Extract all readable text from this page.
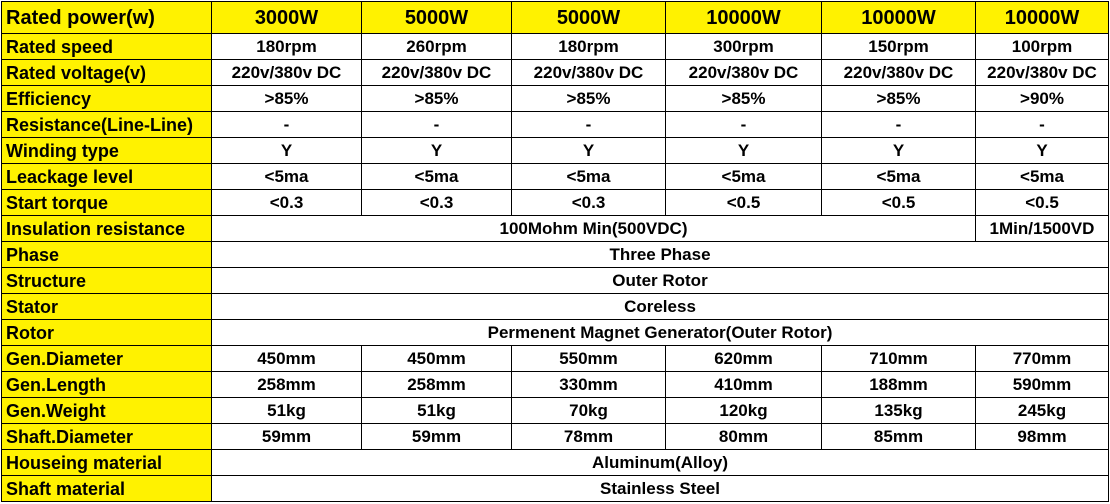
Rated power(w)	3000W	5000W	5000W	10000W	10000W	10000W
Rated speed	180rpm	260rpm	180rpm	300rpm	150rpm	100rpm
Rated voltage(v)	220v/380v DC	220v/380v DC	220v/380v DC	220v/380v DC	220v/380v DC	220v/380v DC
Efficiency	>85%	>85%	>85%	>85%	>85%	>90%
Resistance(Line-Line)	-	-	-	-	-	-
Winding type	Y	Y	Y	Y	Y	Y
Leackage level	<5ma	<5ma	<5ma	<5ma	<5ma	<5ma
Start torque	<0.3	<0.3	<0.3	<0.5	<0.5	<0.5
Insulation resistance	100Mohm Min(500VDC)					1Min/1500VD
Phase	Three Phase					
Structure	Outer Rotor					
Stator	Coreless					
Rotor	Permenent Magnet Generator(Outer Rotor)					
Gen.Diameter	450mm	450mm	550mm	620mm	710mm	770mm
Gen.Length	258mm	258mm	330mm	410mm	188mm	590mm
Gen.Weight	51kg	51kg	70kg	120kg	135kg	245kg
Shaft.Diameter	59mm	59mm	78mm	80mm	85mm	98mm
Houseing material	Aluminum(Alloy)					
Shaft material	Stainless Steel					
